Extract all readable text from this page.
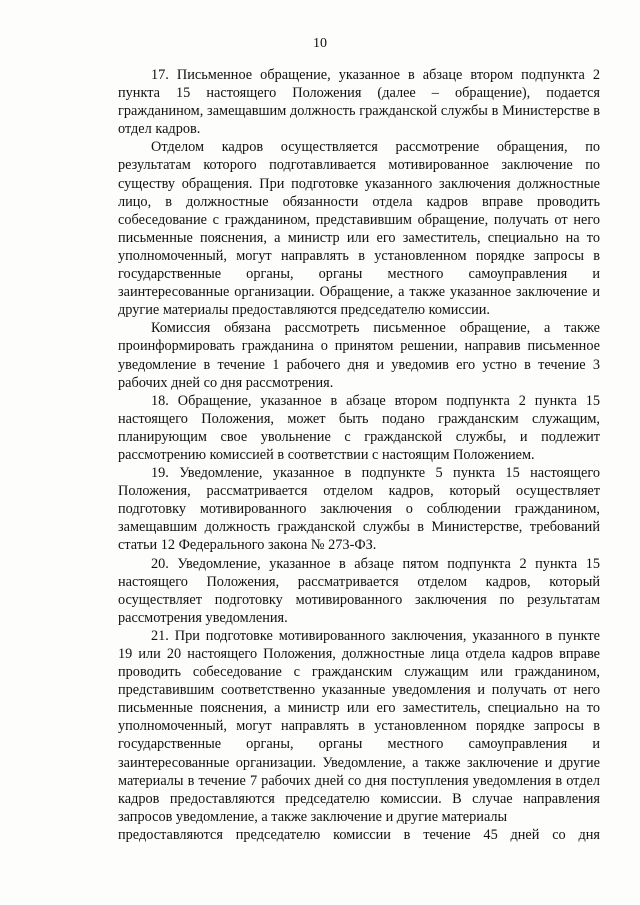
10

17. Письменное обращение, указанное в абзаце втором подпункта 2 пункта 15 настоящего Положения (далее – обращение), подается гражданином, замещавшим должность гражданской службы в Министерстве в отдел кадров.

Отделом кадров осуществляется рассмотрение обращения, по результатам которого подготавливается мотивированное заключение по существу обращения. При подготовке указанного заключения должностные лицо, в должностные обязанности отдела кадров вправе проводить собеседование с гражданином, представившим обращение, получать от него письменные пояснения, а министр или его заместитель, специально на то уполномоченный, могут направлять в установленном порядке запросы в государственные органы, органы местного самоуправления и заинтересованные организации. Обращение, а также указанное заключение и другие материалы предоставляются председателю комиссии.

Комиссия обязана рассмотреть письменное обращение, а также проинформировать гражданина о принятом решении, направив письменное уведомление в течение 1 рабочего дня и уведомив его устно в течение 3 рабочих дней со дня рассмотрения.

18. Обращение, указанное в абзаце втором подпункта 2 пункта 15 настоящего Положения, может быть подано гражданским служащим, планирующим свое увольнение с гражданской службы, и подлежит рассмотрению комиссией в соответствии с настоящим Положением.

19. Уведомление, указанное в подпункте 5 пункта 15 настоящего Положения, рассматривается отделом кадров, который осуществляет подготовку мотивированного заключения о соблюдении гражданином, замещавшим должность гражданской службы в Министерстве, требований статьи 12 Федерального закона № 273-ФЗ.

20. Уведомление, указанное в абзаце пятом подпункта 2 пункта 15 настоящего Положения, рассматривается отделом кадров, который осуществляет подготовку мотивированного заключения по результатам рассмотрения уведомления.

21. При подготовке мотивированного заключения, указанного в пункте 19 или 20 настоящего Положения, должностные лица отдела кадров вправе проводить собеседование с гражданским служащим или гражданином, представившим соответственно указанные уведомления и получать от него письменные пояснения, а министр или его заместитель, специально на то уполномоченный, могут направлять в установленном порядке запросы в государственные органы, органы местного самоуправления и заинтересованные организации. Уведомление, а также заключение и другие материалы в течение 7 рабочих дней со дня поступления уведомления в отдел кадров предоставляются председателю комиссии. В случае направления запросов уведомление, а также заключение и другие материалы

предоставляются председателю комиссии в течение 45 дней со дня
